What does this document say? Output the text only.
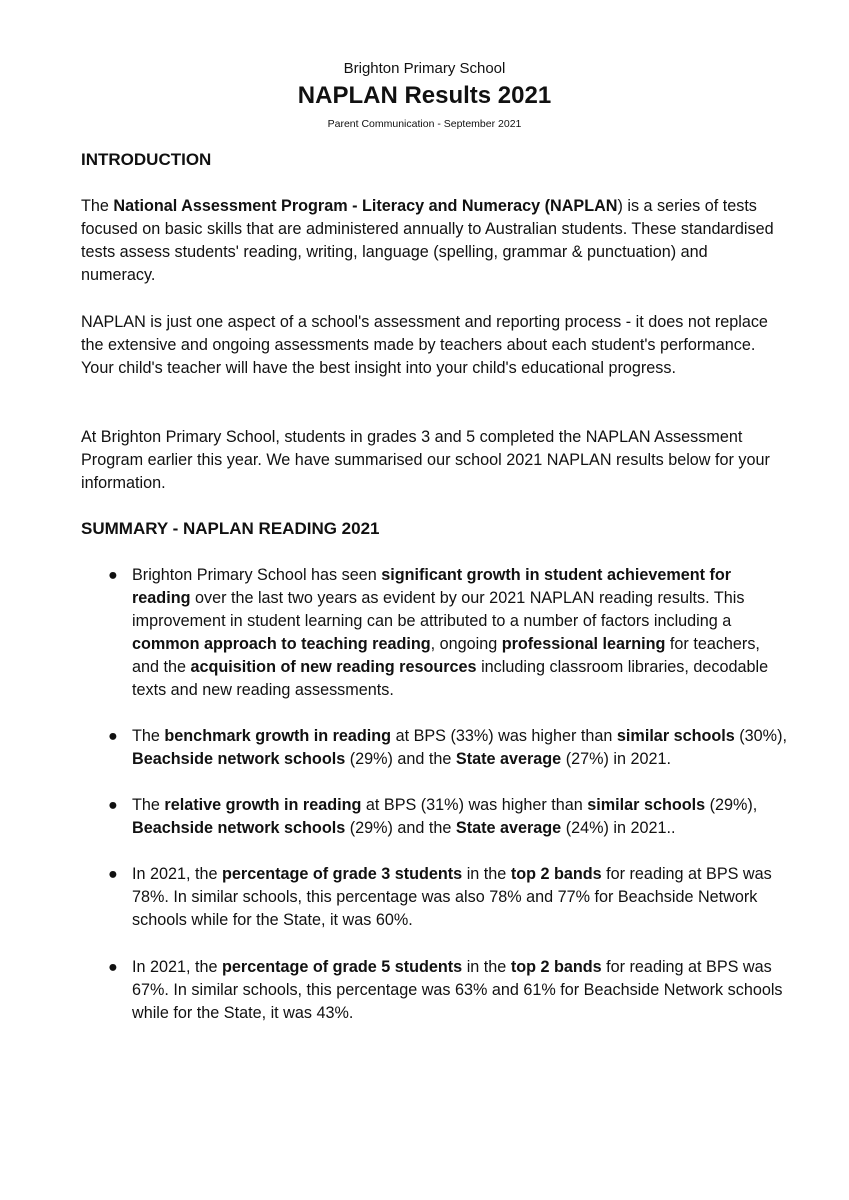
Brighton Primary School
NAPLAN Results 2021
Parent Communication - September 2021
INTRODUCTION

The National Assessment Program - Literacy and Numeracy (NAPLAN) is a series of tests focused on basic skills that are administered annually to Australian students. These standardised tests assess students' reading, writing, language (spelling, grammar & punctuation) and numeracy.

NAPLAN is just one aspect of a school's assessment and reporting process - it does not replace the extensive and ongoing assessments made by teachers about each student's performance. Your child's teacher will have the best insight into your child's educational progress.

At Brighton Primary School, students in grades 3 and 5 completed the NAPLAN Assessment Program earlier this year. We have summarised our school 2021 NAPLAN results below for your information.

SUMMARY - NAPLAN READING 2021
● Brighton Primary School has seen significant growth in student achievement for reading over the last two years as evident by our 2021 NAPLAN reading results. This improvement in student learning can be attributed to a number of factors including a common approach to teaching reading, ongoing professional learning for teachers, and the acquisition of new reading resources including classroom libraries, decodable texts and new reading assessments.
● The benchmark growth in reading at BPS (33%) was higher than similar schools (30%), Beachside network schools (29%) and the State average (27%) in 2021.
● The relative growth in reading at BPS (31%) was higher than similar schools (29%), Beachside network schools (29%) and the State average (24%) in 2021..
● In 2021, the percentage of grade 3 students in the top 2 bands for reading at BPS was 78%. In similar schools, this percentage was also 78% and 77% for Beachside Network schools while for the State, it was 60%.
● In 2021, the percentage of grade 5 students in the top 2 bands for reading at BPS was 67%. In similar schools, this percentage was 63% and 61% for Beachside Network schools while for the State, it was 43%.
